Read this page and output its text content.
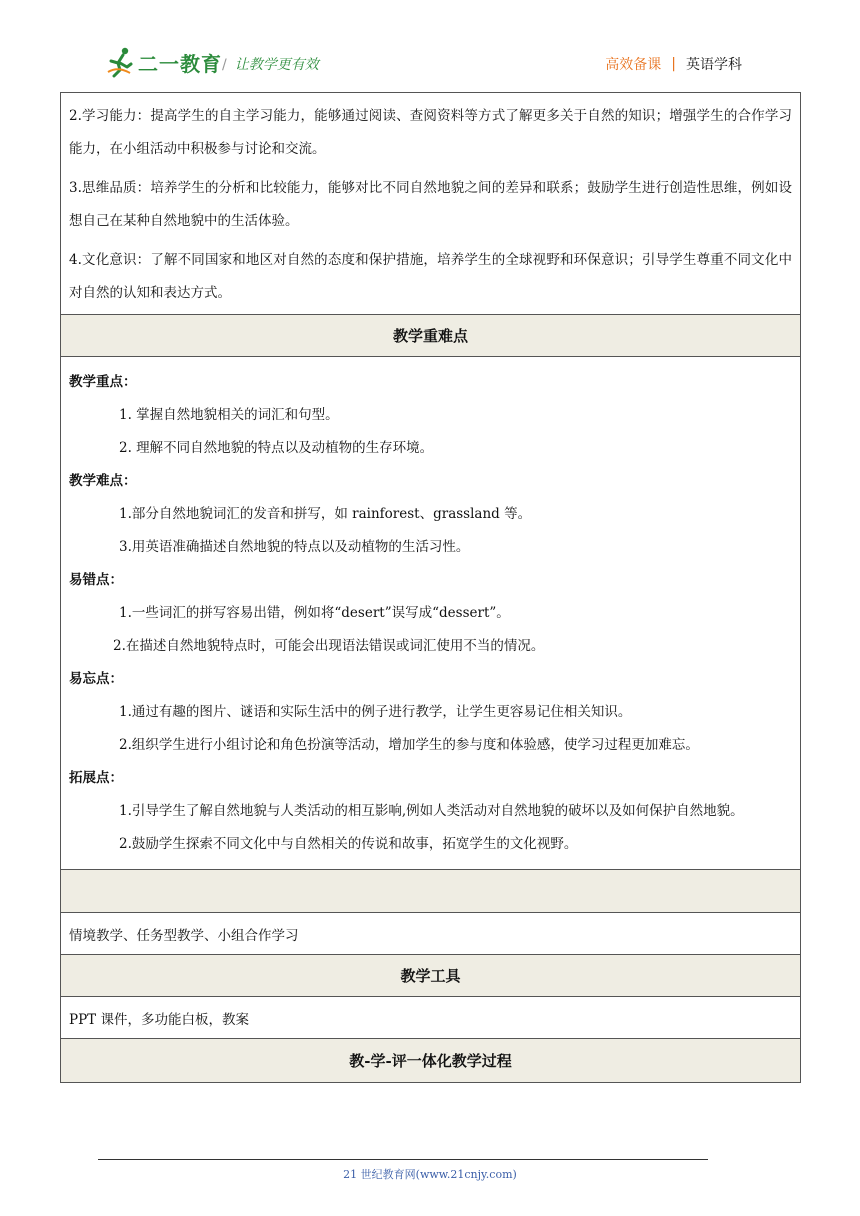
二一教育 / 让教学更有效	高效备课 | 英语学科
2.学习能力：提高学生的自主学习能力，能够通过阅读、查阅资料等方式了解更多关于自然的知识；增强学生的合作学习能力，在小组活动中积极参与讨论和交流。
3.思维品质：培养学生的分析和比较能力，能够对比不同自然地貌之间的差异和联系；鼓励学生进行创造性思维，例如设想自己在某种自然地貌中的生活体验。
4.文化意识：了解不同国家和地区对自然的态度和保护措施，培养学生的全球视野和环保意识；引导学生尊重不同文化中对自然的认知和表达方式。
教学重难点
教学重点：
1. 掌握自然地貌相关的词汇和句型。
2. 理解不同自然地貌的特点以及动植物的生存环境。
教学难点：
1.部分自然地貌词汇的发音和拼写，如 rainforest、grassland 等。
3.用英语准确描述自然地貌的特点以及动植物的生活习性。
易错点：
1.一些词汇的拼写容易出错，例如将“desert”误写成“dessert”。
2.在描述自然地貌特点时，可能会出现语法错误或词汇使用不当的情况。
易忘点：
1.通过有趣的图片、谜语和实际生活中的例子进行教学，让学生更容易记住相关知识。
2.组织学生进行小组讨论和角色扮演等活动，增加学生的参与度和体验感，使学习过程更加难忘。
拓展点：
1.引导学生了解自然地貌与人类活动的相互影响,例如人类活动对自然地貌的破坏以及如何保护自然地貌。
2.鼓励学生探索不同文化中与自然相关的传说和故事，拓宽学生的文化视野。
情境教学、任务型教学、小组合作学习
教学工具
PPT 课件，多功能白板，教案
教-学-评一体化教学过程
21 世纪教育网(www.21cnjy.com)
